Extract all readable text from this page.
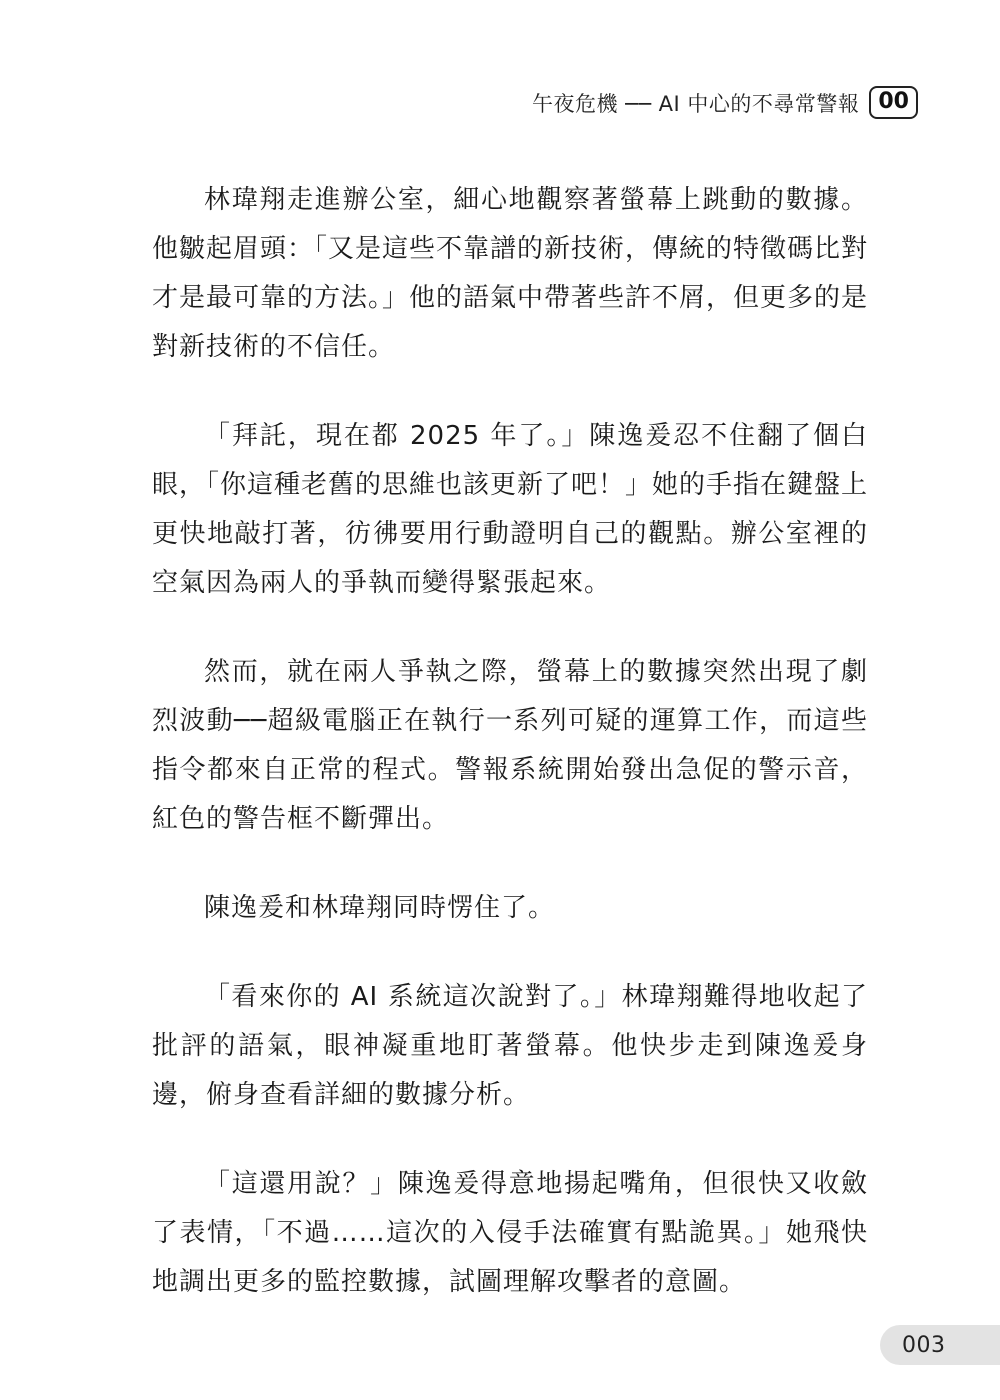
午夜危機 ── AI 中心的不尋常警報 00

林瑋翔走進辦公室，細心地觀察著螢幕上跳動的數據。他皺起眉頭：「又是這些不靠譜的新技術，傳統的特徵碼比對才是最可靠的方法。」他的語氣中帶著些許不屑，但更多的是對新技術的不信任。

「拜託，現在都 2025 年了。」陳逸爰忍不住翻了個白眼，「你這種老舊的思維也該更新了吧！」她的手指在鍵盤上更快地敲打著，彷彿要用行動證明自己的觀點。辦公室裡的空氣因為兩人的爭執而變得緊張起來。

然而，就在兩人爭執之際，螢幕上的數據突然出現了劇烈波動──超級電腦正在執行一系列可疑的運算工作，而這些指令都來自正常的程式。警報系統開始發出急促的警示音，紅色的警告框不斷彈出。

陳逸爰和林瑋翔同時愣住了。

「看來你的 AI 系統這次說對了。」林瑋翔難得地收起了批評的語氣，眼神凝重地盯著螢幕。他快步走到陳逸爰身邊，俯身查看詳細的數據分析。

「這還用說？」陳逸爰得意地揚起嘴角，但很快又收斂了表情，「不過……這次的入侵手法確實有點詭異。」她飛快地調出更多的監控數據，試圖理解攻擊者的意圖。

003
